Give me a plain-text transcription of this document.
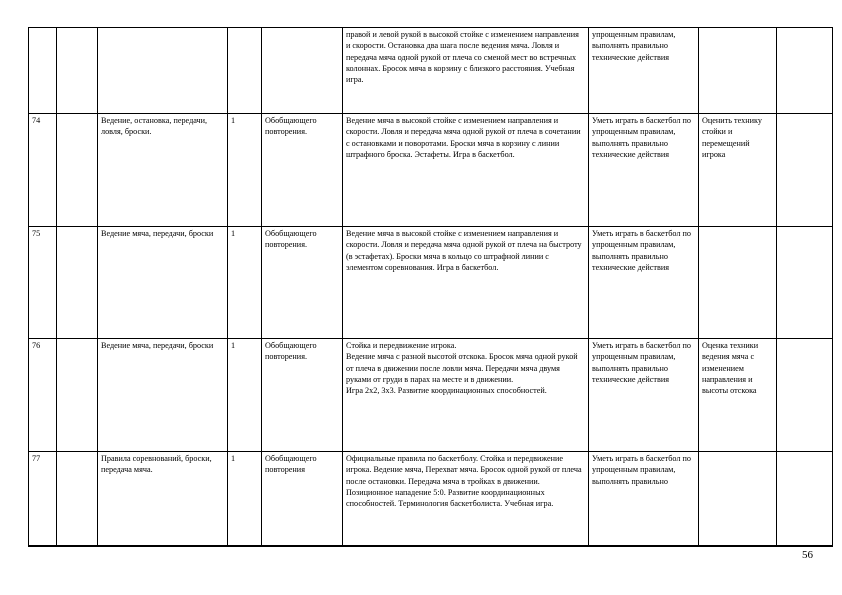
					правой и левой рукой в высокой стойке с изменением направления и скорости. Остановка два шага после ведения мяча. Ловля и передача мяча одной рукой от плеча со сменой мест во встречных колоннах. Бросок мяча в корзину с близкого расстояния. Учебная игра.	упрощенным правилам, выполнять правильно технические действия		
74		Ведение, остановка, передачи, ловля, броски.	1	Обобщающего повторения.	Ведение мяча в высокой стойке с изменением направления и скорости. Ловля и передача мяча одной рукой от плеча в сочетании с остановками и поворотами. Броски мяча в корзину с линии штрафного броска. Эстафеты. Игра в баскетбол.	Уметь играть в баскетбол по упрощенным правилам, выполнять правильно технические действия	Оценить технику стойки и перемещений игрока	
75		Ведение мяча, передачи, броски	1	Обобщающего повторения.	Ведение мяча в высокой стойке с изменением направления и скорости. Ловля и передача мяча одной рукой от плеча на быстроту (в эстафетах). Броски мяча в кольцо со штрафной линии с элементом соревнования. Игра в баскетбол.	Уметь играть в баскетбол по упрощенным правилам, выполнять правильно технические действия		
76		Ведение мяча, передачи, броски	1	Обобщающего повторения.	Стойка и передвижение игрока.
Ведение мяча с разной высотой отскока. Бросок мяча одной рукой от плеча в движении после ловли мяча. Передачи мяча двумя руками от груди в парах на месте и в движении.
Игра 2х2, 3х3. Развитие координационных способностей.	Уметь играть в баскетбол по упрощенным правилам, выполнять правильно технические действия	Оценка техники ведения мяча с изменением направления и высоты отскока	
77		Правила соревнований, броски, передача мяча.	1	Обобщающего повторения	Официальные правила по баскетболу. Стойка и передвижение игрока. Ведение мяча, Перехват мяча. Бросок одной рукой от плеча после остановки. Передача мяча в тройках в движении. Позиционное нападение 5:0. Развитие координационных способностей. Терминология баскетболиста. Учебная игра.	Уметь играть в баскетбол по упрощенным правилам, выполнять правильно		
56
